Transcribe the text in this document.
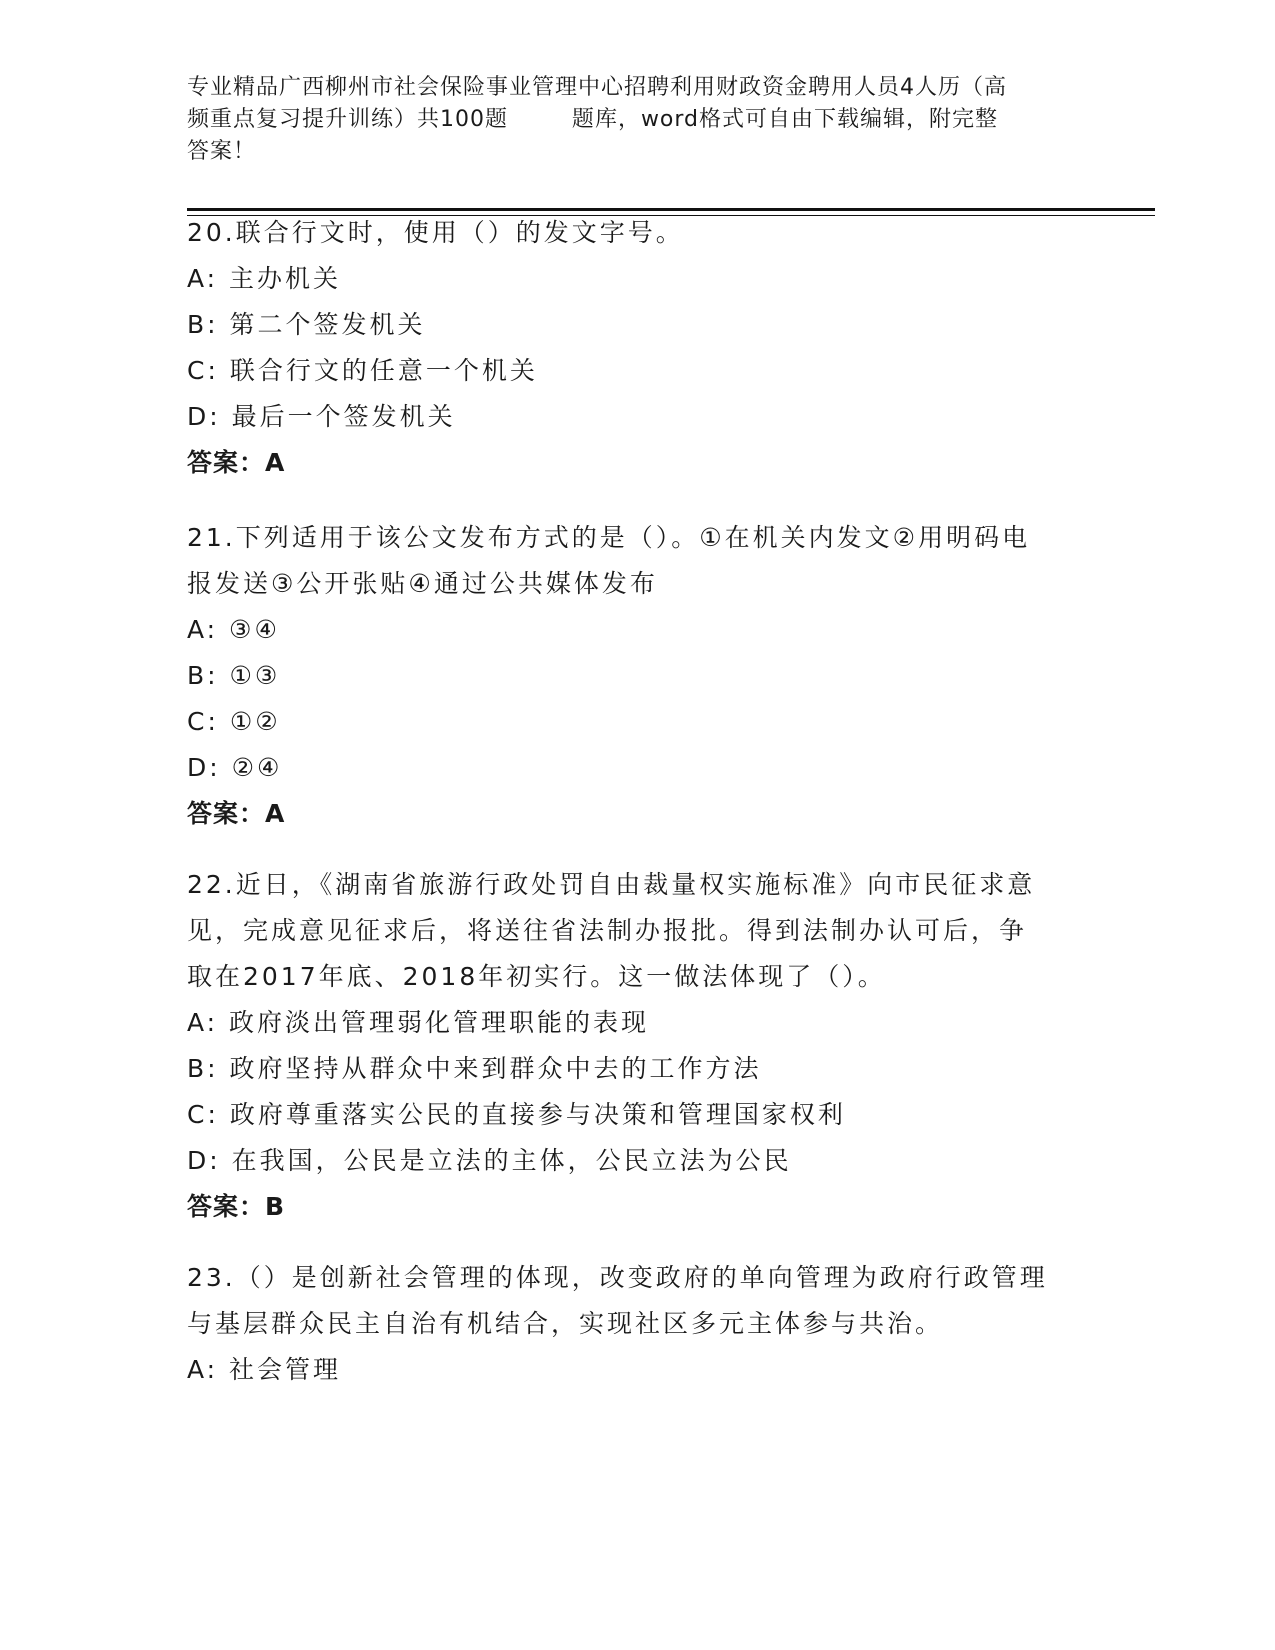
专业精品广西柳州市社会保险事业管理中心招聘利用财政资金聘用人员4人历（高
频重点复习提升训练）共100题        题库，word格式可自由下载编辑，附完整
答案！
20.联合行文时，使用（）的发文字号。
A: 主办机关
B: 第二个签发机关
C: 联合行文的任意一个机关
D: 最后一个签发机关
答案：A
21.下列适用于该公文发布方式的是（）。①在机关内发文②用明码电
报发送③公开张贴④通过公共媒体发布
A: ③④
B: ①③
C: ①②
D: ②④
答案：A
22.近日，《湖南省旅游行政处罚自由裁量权实施标准》向市民征求意
见，完成意见征求后，将送往省法制办报批。得到法制办认可后，争
取在2017年底、2018年初实行。这一做法体现了（）。
A: 政府淡出管理弱化管理职能的表现
B: 政府坚持从群众中来到群众中去的工作方法
C: 政府尊重落实公民的直接参与决策和管理国家权利
D: 在我国，公民是立法的主体，公民立法为公民
答案：B
23.（）是创新社会管理的体现，改变政府的单向管理为政府行政管理
与基层群众民主自治有机结合，实现社区多元主体参与共治。
A: 社会管理
